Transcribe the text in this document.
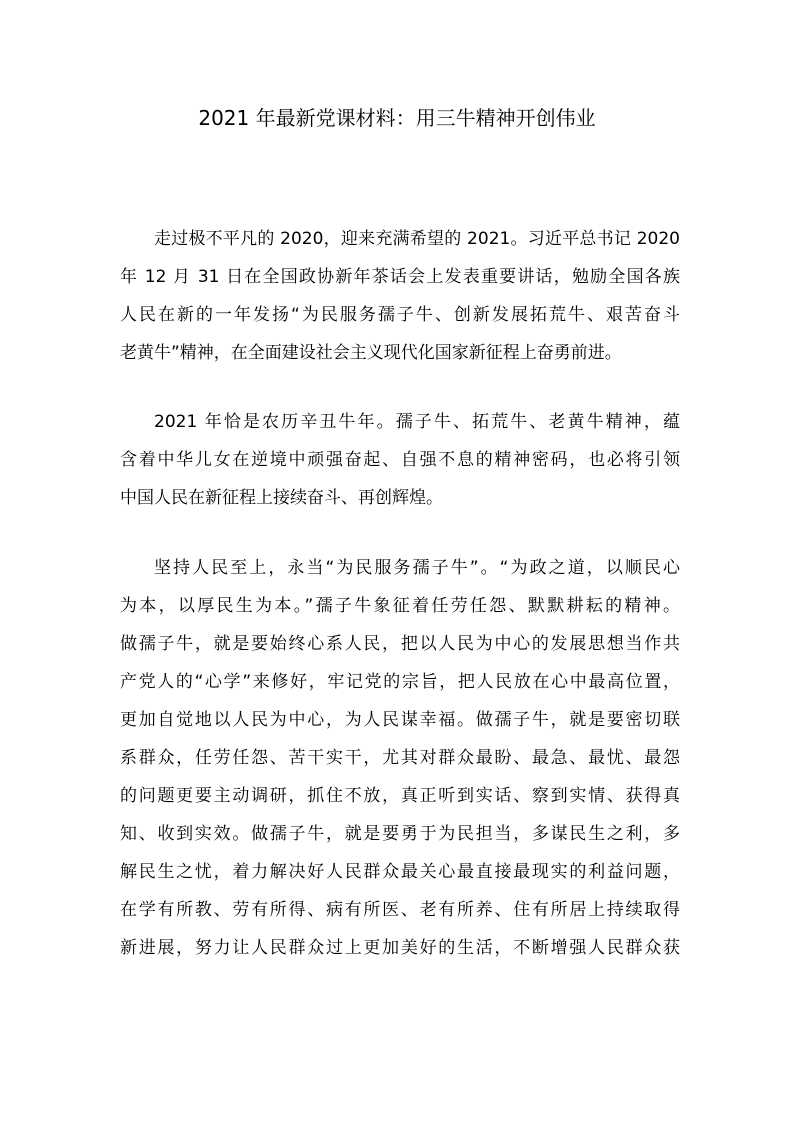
2021 年最新党课材料：用三牛精神开创伟业
走过极不平凡的 2020，迎来充满希望的 2021。习近平总书记 2020
年 12 月 31 日在全国政协新年茶话会上发表重要讲话，勉励全国各族
人民在新的一年发扬“为民服务孺子牛、创新发展拓荒牛、艰苦奋斗
老黄牛”精神，在全面建设社会主义现代化国家新征程上奋勇前进。
2021 年恰是农历辛丑牛年。孺子牛、拓荒牛、老黄牛精神，蕴
含着中华儿女在逆境中顽强奋起、自强不息的精神密码，也必将引领
中国人民在新征程上接续奋斗、再创辉煌。
坚持人民至上，永当“为民服务孺子牛”。“为政之道，以顺民心
为本，以厚民生为本。”孺子牛象征着任劳任怨、默默耕耘的精神。
做孺子牛，就是要始终心系人民，把以人民为中心的发展思想当作共
产党人的“心学”来修好，牢记党的宗旨，把人民放在心中最高位置，
更加自觉地以人民为中心，为人民谋幸福。做孺子牛，就是要密切联
系群众，任劳任怨、苦干实干，尤其对群众最盼、最急、最忧、最怨
的问题更要主动调研，抓住不放，真正听到实话、察到实情、获得真
知、收到实效。做孺子牛，就是要勇于为民担当，多谋民生之利，多
解民生之忧，着力解决好人民群众最关心最直接最现实的利益问题，
在学有所教、劳有所得、病有所医、老有所养、住有所居上持续取得
新进展，努力让人民群众过上更加美好的生活，不断增强人民群众获
